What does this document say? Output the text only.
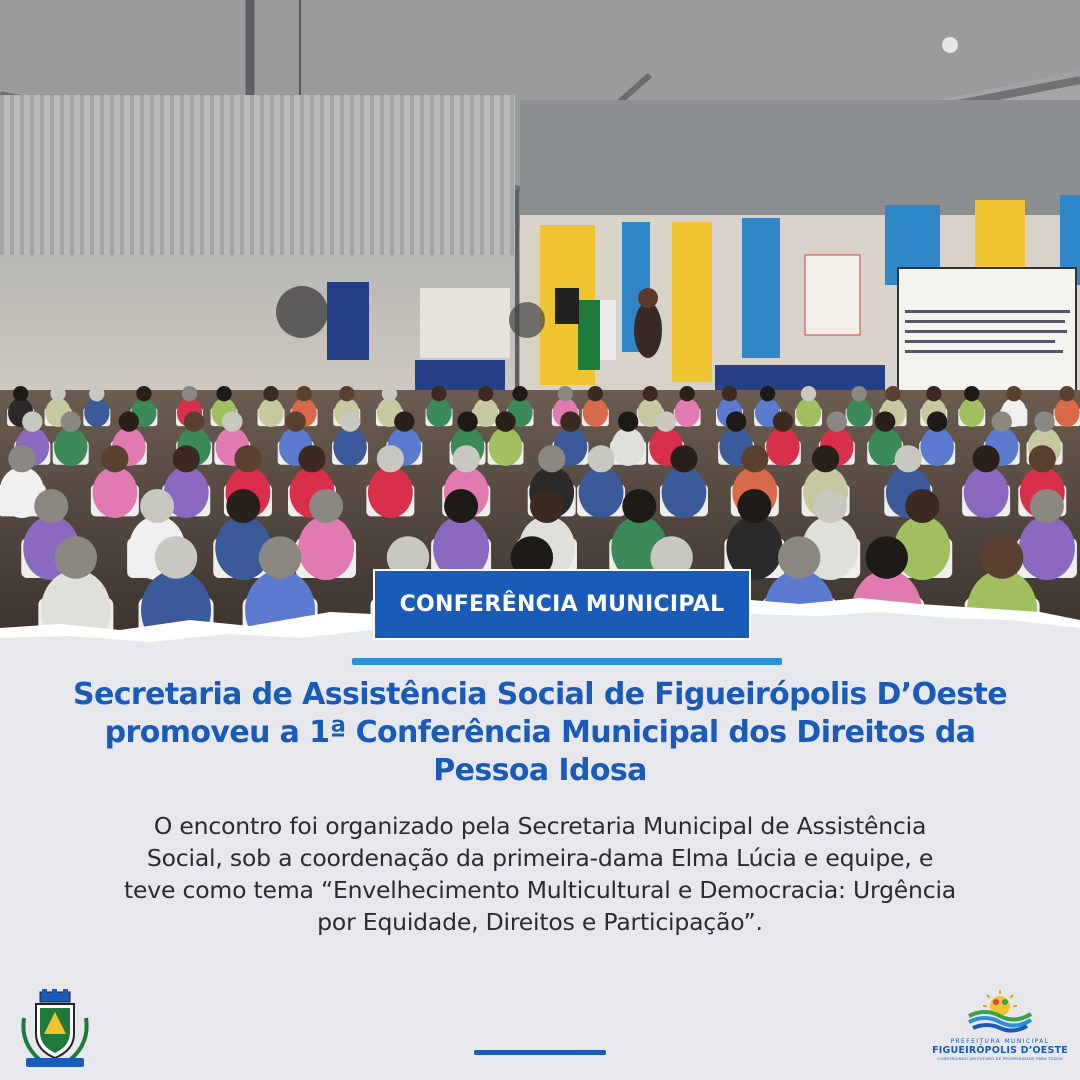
CONFERÊNCIA MUNICIPAL
Secretaria de Assistência Social de Figueirópolis D’Oeste promoveu a 1ª Conferência Municipal dos Direitos da Pessoa Idosa
O encontro foi organizado pela Secretaria Municipal de Assistência Social, sob a coordenação da primeira-dama Elma Lúcia e equipe, e teve como tema “Envelhecimento Multicultural e Democracia: Urgência por Equidade, Direitos e Participação”.
PREFEITURA MUNICIPAL
FIGUEIRÓPOLIS D’OESTE
CONSTRUINDO UM FUTURO DE PROSPERIDADE PARA TODOS
